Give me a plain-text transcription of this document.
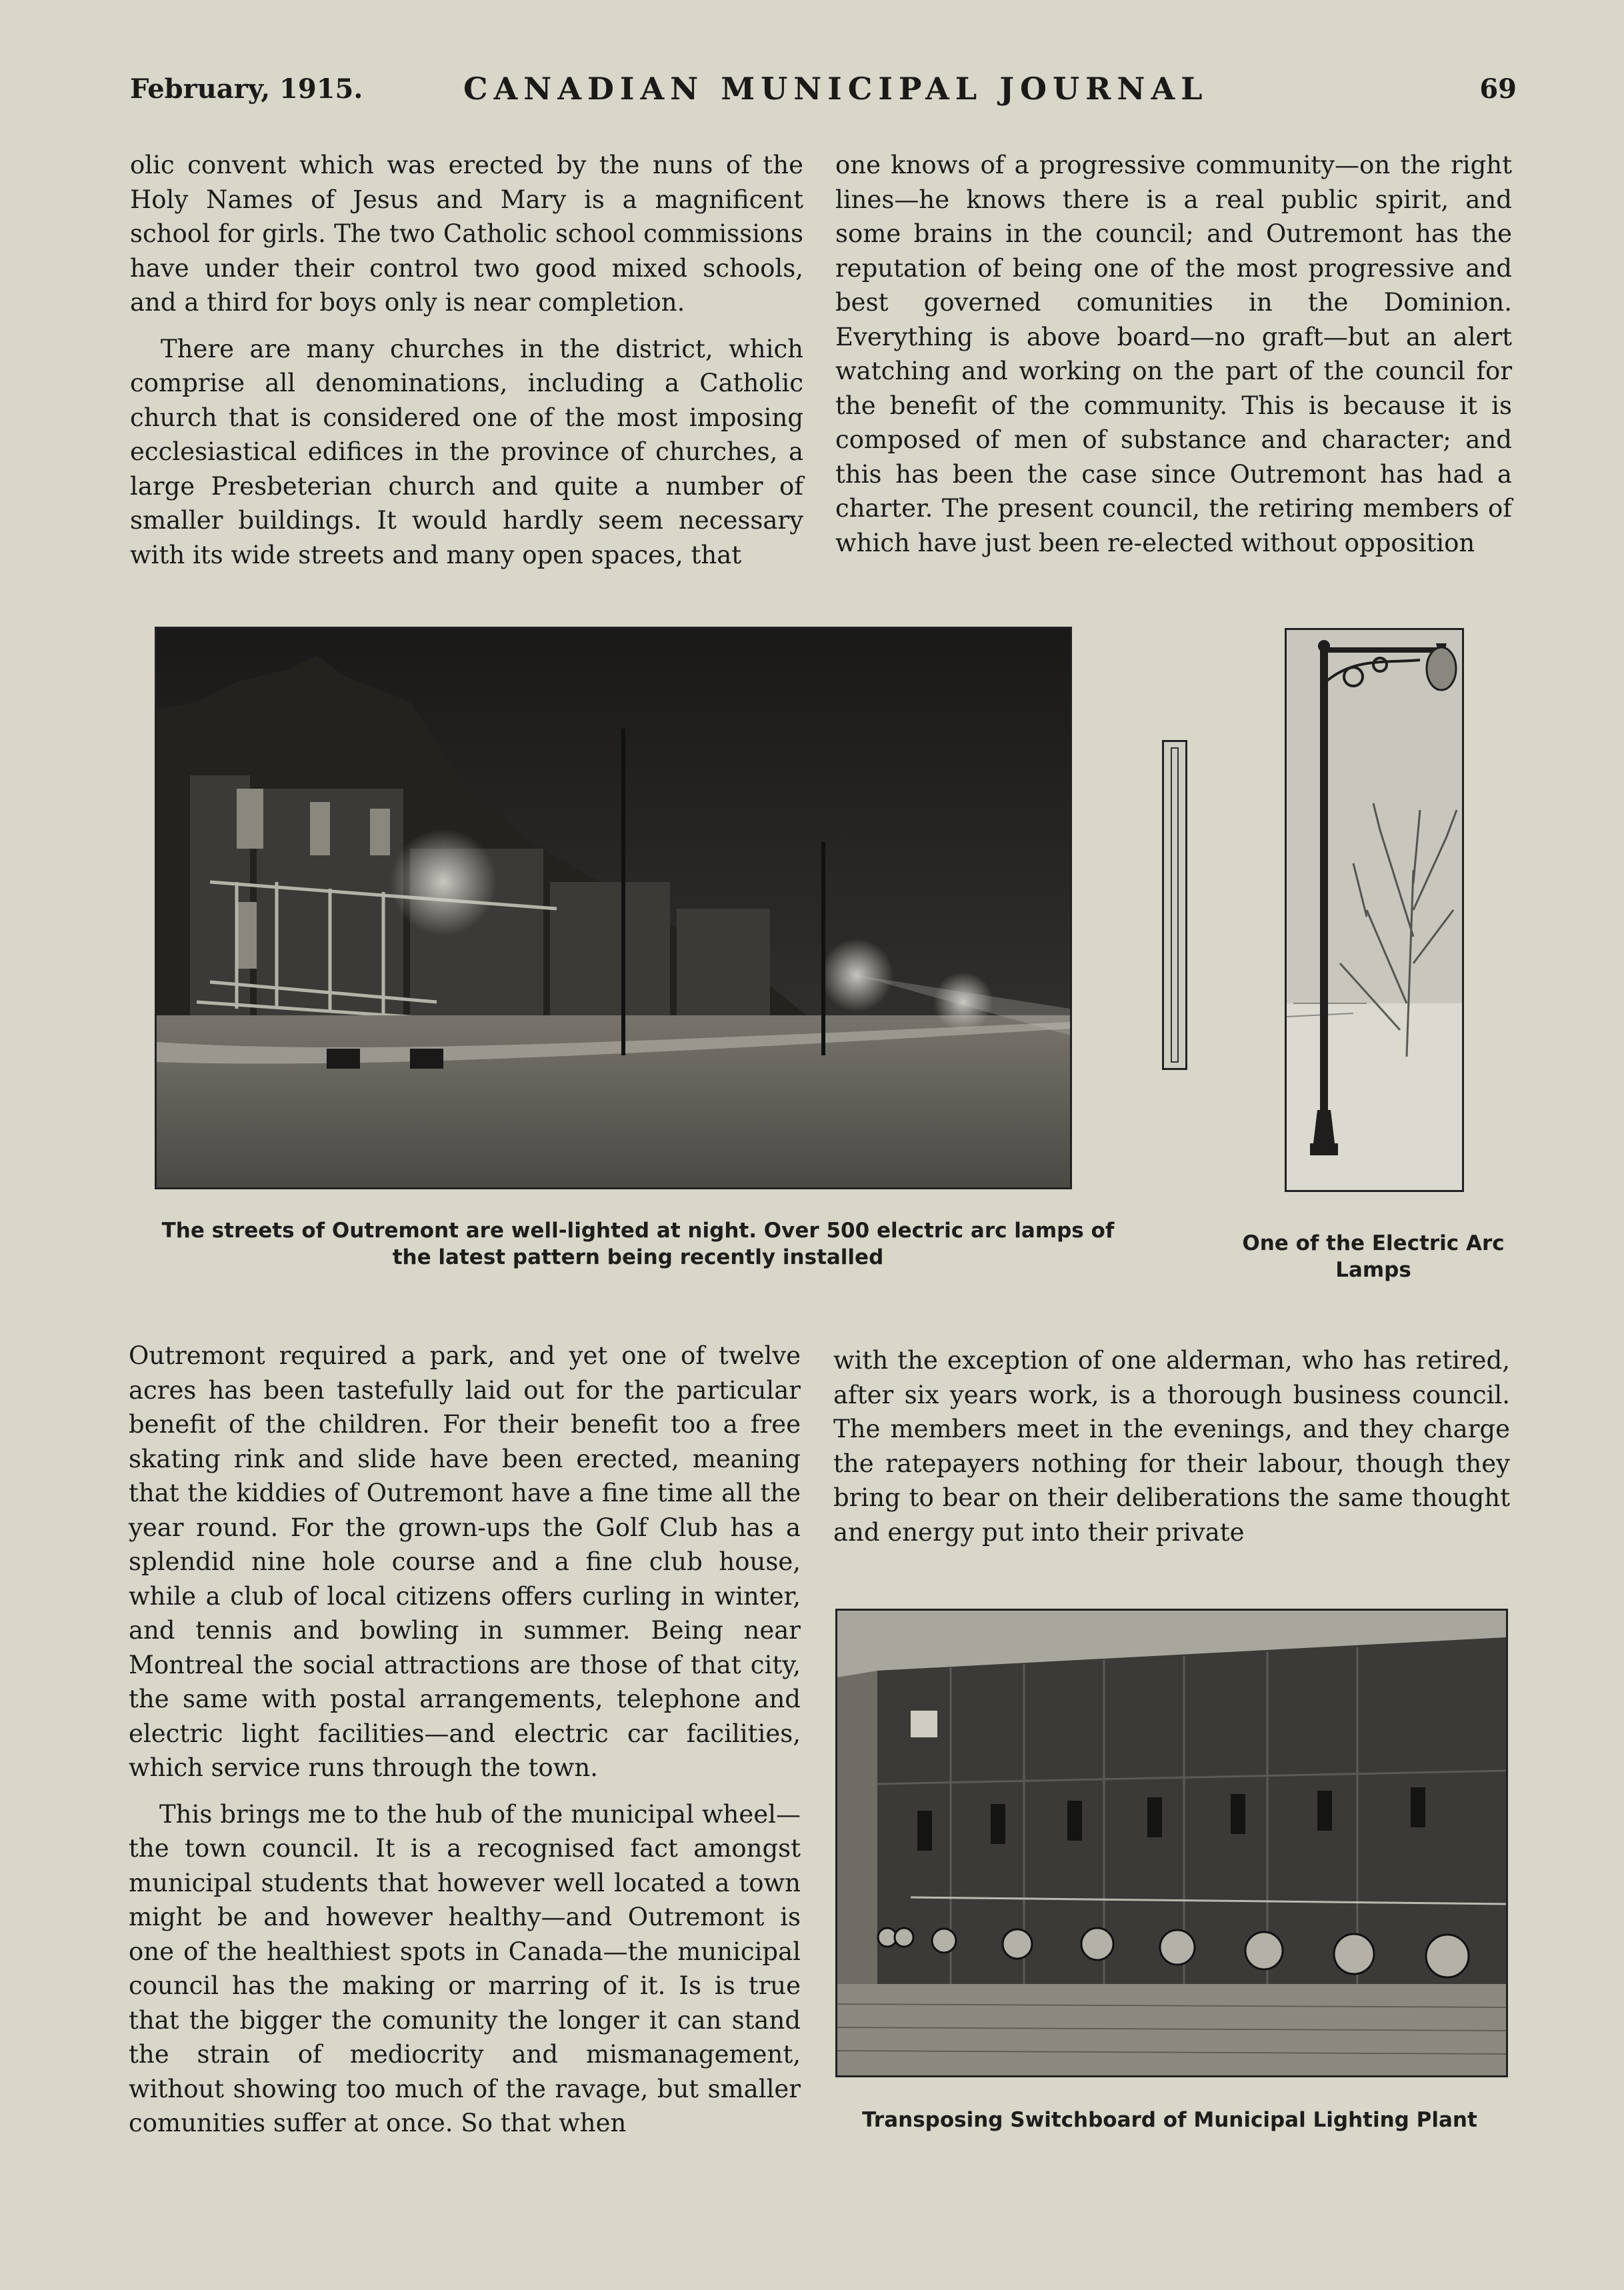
February, 1915.	CANADIAN MUNICIPAL JOURNAL	69

olic convent which was erected by the nuns of the Holy Names of Jesus and Mary is a magnificent school for girls. The two Catholic school commissions have under their control two good mixed schools, and a third for boys only is near completion.

There are many churches in the district, which comprise all denominations, including a Catholic church that is considered one of the most imposing ecclesiastical edifices in the province of churches, a large Presbeterian church and quite a number of smaller buildings. It would hardly seem necessary with its wide streets and many open spaces, that

one knows of a progressive community—on the right lines—he knows there is a real public spirit, and some brains in the council; and Outremont has the reputation of being one of the most progressive and best governed comunities in the Dominion. Everything is above board—no graft—but an alert watching and working on the part of the council for the benefit of the community. This is because it is composed of men of substance and character; and this has been the case since Outremont has had a charter. The present council, the retiring members of which have just been re-elected without opposition

The streets of Outremont are well-lighted at night. Over 500 electric arc lamps of the latest pattern being recently installed
One of the Electric Arc Lamps

Outremont required a park, and yet one of twelve acres has been tastefully laid out for the particular benefit of the children. For their benefit too a free skating rink and slide have been erected, meaning that the kiddies of Outremont have a fine time all the year round. For the grown-ups the Golf Club has a splendid nine hole course and a fine club house, while a club of local citizens offers curling in winter, and tennis and bowling in summer. Being near Montreal the social attractions are those of that city, the same with postal arrangements, telephone and electric light facilities—and electric car facilities, which service runs through the town.

This brings me to the hub of the municipal wheel—the town council. It is a recognised fact amongst municipal students that however well located a town might be and however healthy—and Outremont is one of the healthiest spots in Canada—the municipal council has the making or marring of it. Is is true that the bigger the comunity the longer it can stand the strain of mediocrity and mismanagement, without showing too much of the ravage, but smaller comunities suffer at once. So that when

with the exception of one alderman, who has retired, after six years work, is a thorough business council. The members meet in the evenings, and they charge the ratepayers nothing for their labour, though they bring to bear on their deliberations the same thought and energy put into their private

Transposing Switchboard of Municipal Lighting Plant
